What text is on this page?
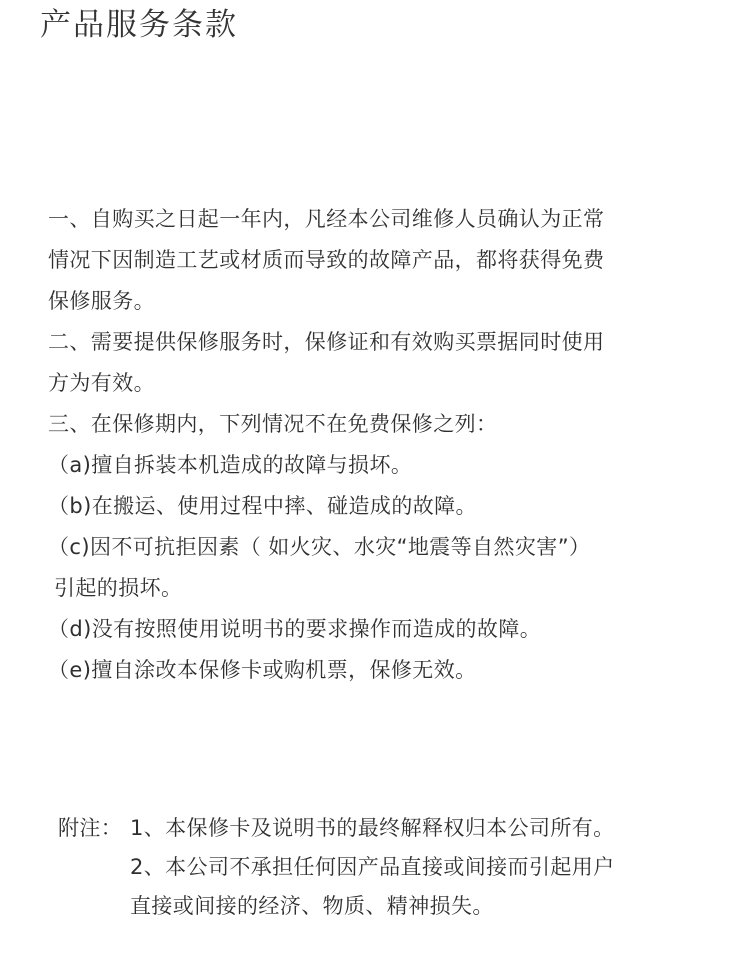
产品服务条款
一、自购买之日起一年内，凡经本公司维修人员确认为正常
情况下因制造工艺或材质而导致的故障产品，都将获得免费
保修服务。
二、需要提供保修服务时，保修证和有效购买票据同时使用
方为有效。
三、在保修期内，下列情况不在免费保修之列：
（a)擅自拆装本机造成的故障与损坏。
（b)在搬运、使用过程中摔、碰造成的故障。
（c)因不可抗拒因素（ 如火灾、水灾“地震等自然灾害”）
引起的损坏。
（d)没有按照使用说明书的要求操作而造成的故障。
（e)擅自涂改本保修卡或购机票，保修无效。
附注： 1、本保修卡及说明书的最终解释权归本公司所有。
2、本公司不承担任何因产品直接或间接而引起用户
直接或间接的经济、物质、精神损失。
